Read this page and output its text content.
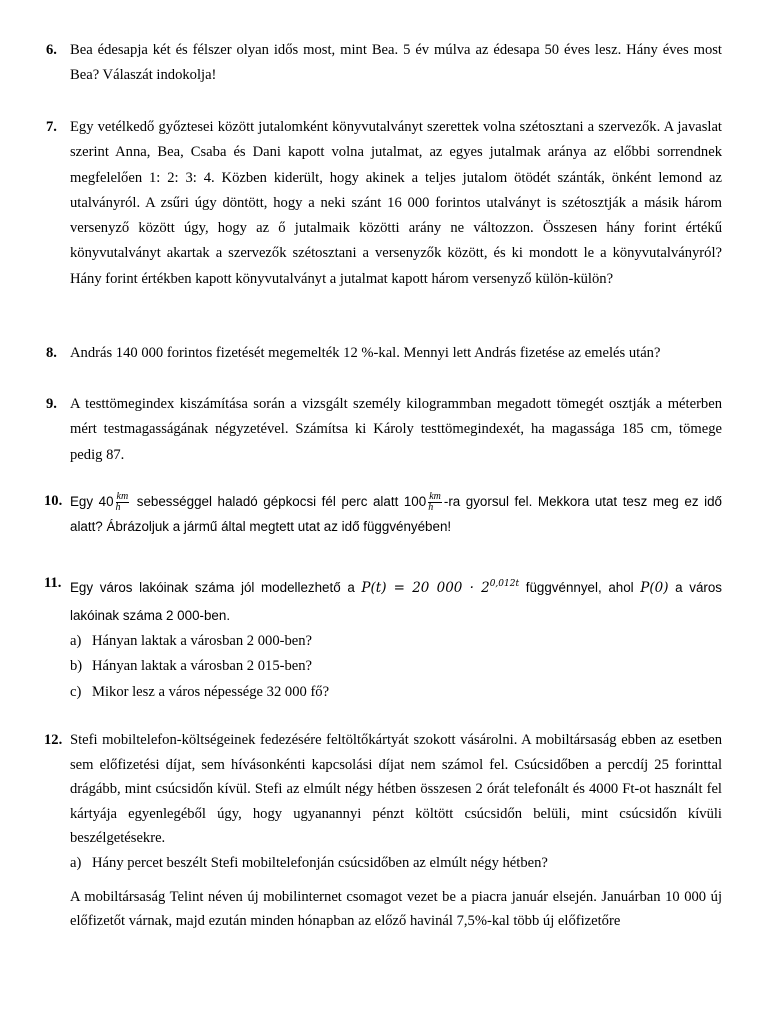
6. Bea édesapja két és félszer olyan idős most, mint Bea. 5 év múlva az édesapa 50 éves lesz. Hány éves most Bea? Válaszát indokolja!
7. Egy vetélkedő győztesei között jutalomként könyvutalványt szerettek volna szétosztani a szervezők. A javaslat szerint Anna, Bea, Csaba és Dani kapott volna jutalmat, az egyes jutalmak aránya az előbbi sorrendnek megfelelően 1: 2: 3: 4. Közben kiderült, hogy akinek a teljes jutalom ötödét szánták, önként lemond az utalványról. A zsűri úgy döntött, hogy a neki szánt 16 000 forintos utalványt is szétosztják a másik három versenyző között úgy, hogy az ő jutalmaik közötti arány ne változzon. Összesen hány forint értékű könyvutalványt akartak a szervezők szétosztani a versenyzők között, és ki mondott le a könyvutalványról? Hány forint értékben kapott könyvutalványt a jutalmat kapott három versenyző külön-külön?
8. András 140 000 forintos fizetését megemelték 12 %-kal. Mennyi lett András fizetése az emelés után?
9. A testtömegindex kiszámítása során a vizsgált személy kilogrammban megadott tömegét osztják a méterben mért testmagasságának négyzetével. Számítsa ki Károly testtömegindexét, ha magassága 185 cm, tömege pedig 87.
10. Egy $40 \frac{km}{h}$ sebességgel haladó gépkocsi fél perc alatt $100 \frac{km}{h} -ra$ gyorsul fel. Mekkora utat tesz meg ez idő alatt? Ábrázoljuk a jármű által megtett utat az idő függvényében!
11. Egy város lakóinak száma jól modellezhető a P(t) = 20 $000 \cdot 2^{0,012t}$ függvénnyel, ahol P(0) a város lakóinak száma 2 000-ben.
a) Hányan laktak a városban 2 000-ben?
b) Hányan laktak a városban 2 015-ben?
c) Mikor lesz a város népessége 32 000 fő?
12. Stefi mobiltelefon-költségeinek fedezésére feltöltőkártyát szokott vásárolni. A mobiltársaság ebben az esetben sem előfizetési díjat, sem hívásonkénti kapcsolási díjat nem számol fel. Csúcsidőben a percdíj 25 forinttal drágább, mint csúcsidőn kívül. Stefi az elmúlt négy hétben összesen 2 órát telefonált és 4000 Ft-ot használt fel kártyája egyenlegéből úgy, hogy ugyanannyi pénzt költött csúcsidőn belüli, mint csúcsidőn kívüli beszélgetésekre.
a) Hány percet beszélt Stefi mobiltelefonján csúcsidőben az elmúlt négy hétben?
A mobiltársaság Telint néven új mobilinternet csomagot vezet be a piacra január elsején. Januárban 10 000 új előfizetőt várnak, majd ezután minden hónapban az előző havinál 7,5%-kal több új előfizetőre
